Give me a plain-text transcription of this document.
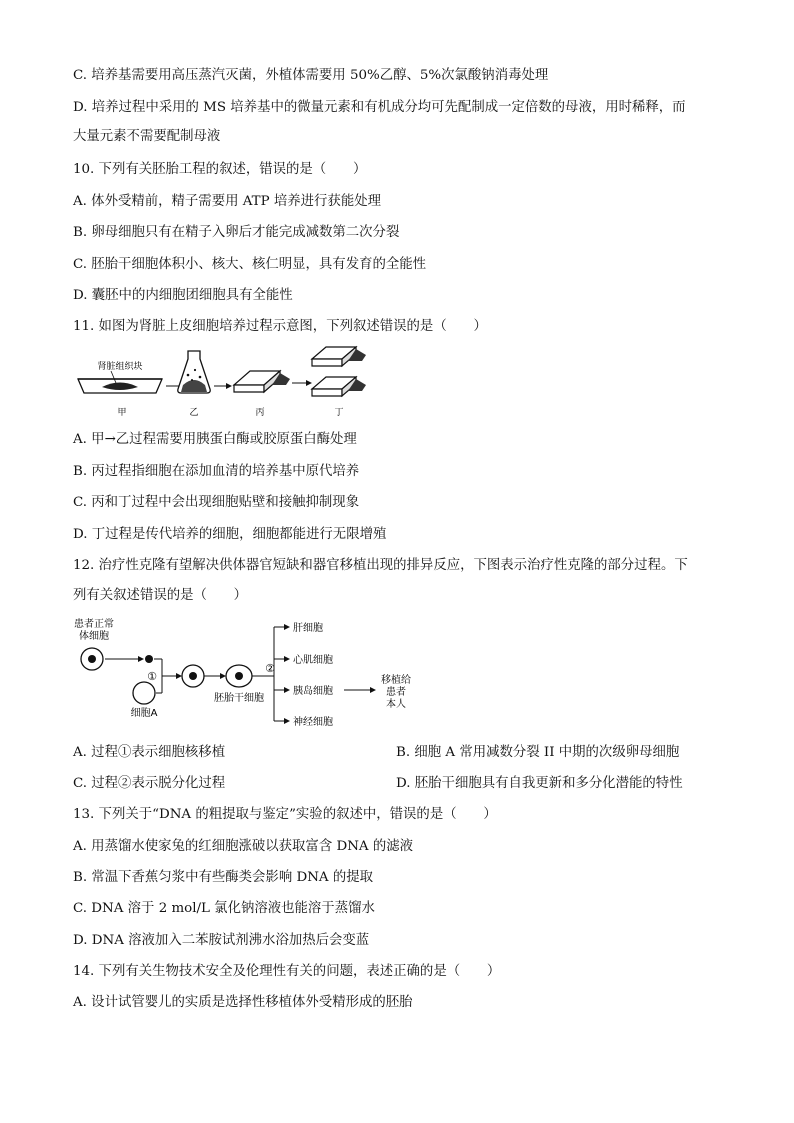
C. 培养基需要用高压蒸汽灭菌，外植体需要用 50%乙醇、5%次氯酸钠消毒处理
D. 培养过程中采用的 MS 培养基中的微量元素和有机成分均可先配制成一定倍数的母液，用时稀释，而
大量元素不需要配制母液
10. 下列有关胚胎工程的叙述，错误的是（　　）
A. 体外受精前，精子需要用 ATP 培养进行获能处理
B. 卵母细胞只有在精子入卵后才能完成减数第二次分裂
C. 胚胎干细胞体积小、核大、核仁明显，具有发育的全能性
D. 囊胚中的内细胞团细胞具有全能性
11. 如图为肾脏上皮细胞培养过程示意图，下列叙述错误的是（　　）
肾脏组织块
甲	乙	丙	丁
A. 甲→乙过程需要用胰蛋白酶或胶原蛋白酶处理
B. 丙过程指细胞在添加血清的培养基中原代培养
C. 丙和丁过程中会出现细胞贴壁和接触抑制现象
D. 丁过程是传代培养的细胞，细胞都能进行无限增殖
12. 治疗性克隆有望解决供体器官短缺和器官移植出现的排异反应，下图表示治疗性克隆的部分过程。下
列有关叙述错误的是（　　）
患者正常
体细胞
细胞A
①
胚胎干细胞
②
肝细胞
心肌细胞
胰岛细胞
神经细胞
移植给
患者
本人
A. 过程①表示细胞核移植	B. 细胞 A 常用减数分裂 II 中期的次级卵母细胞
C. 过程②表示脱分化过程	D. 胚胎干细胞具有自我更新和多分化潜能的特性
13. 下列关于“DNA 的粗提取与鉴定”实验的叙述中，错误的是（　　）
A. 用蒸馏水使家兔的红细胞涨破以获取富含 DNA 的滤液
B. 常温下香蕉匀浆中有些酶类会影响 DNA 的提取
C. DNA 溶于 2 mol/L 氯化钠溶液也能溶于蒸馏水
D. DNA 溶液加入二苯胺试剂沸水浴加热后会变蓝
14. 下列有关生物技术安全及伦理性有关的问题，表述正确的是（　　）
A. 设计试管婴儿的实质是选择性移植体外受精形成的胚胎
